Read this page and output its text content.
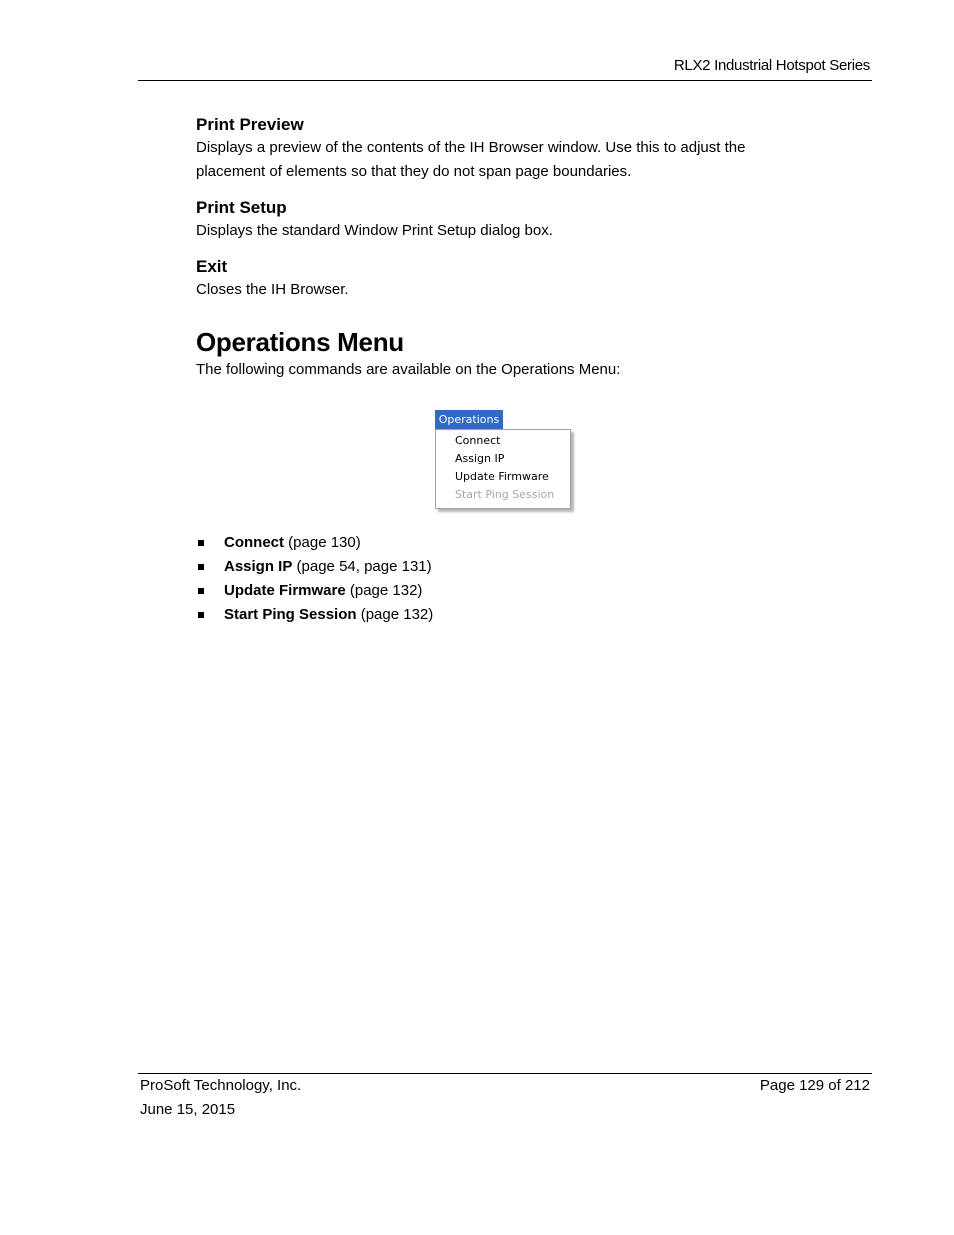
RLX2 Industrial Hotspot Series
Print Preview

Displays a preview of the contents of the IH Browser window. Use this to adjust the

placement of elements so that they do not span page boundaries.

Print Setup

Displays the standard Window Print Setup dialog box.

Exit

Closes the IH Browser.

Operations Menu

The following commands are available on the Operations Menu:

Operations
Connect
Assign IP
Update Firmware
Start Ping Session
Connect (page 130)
Assign IP (page 54, page 131)
Update Firmware (page 132)
Start Ping Session (page 132)
ProSoft Technology, Inc.
June 15, 2015
Page 129 of 212
